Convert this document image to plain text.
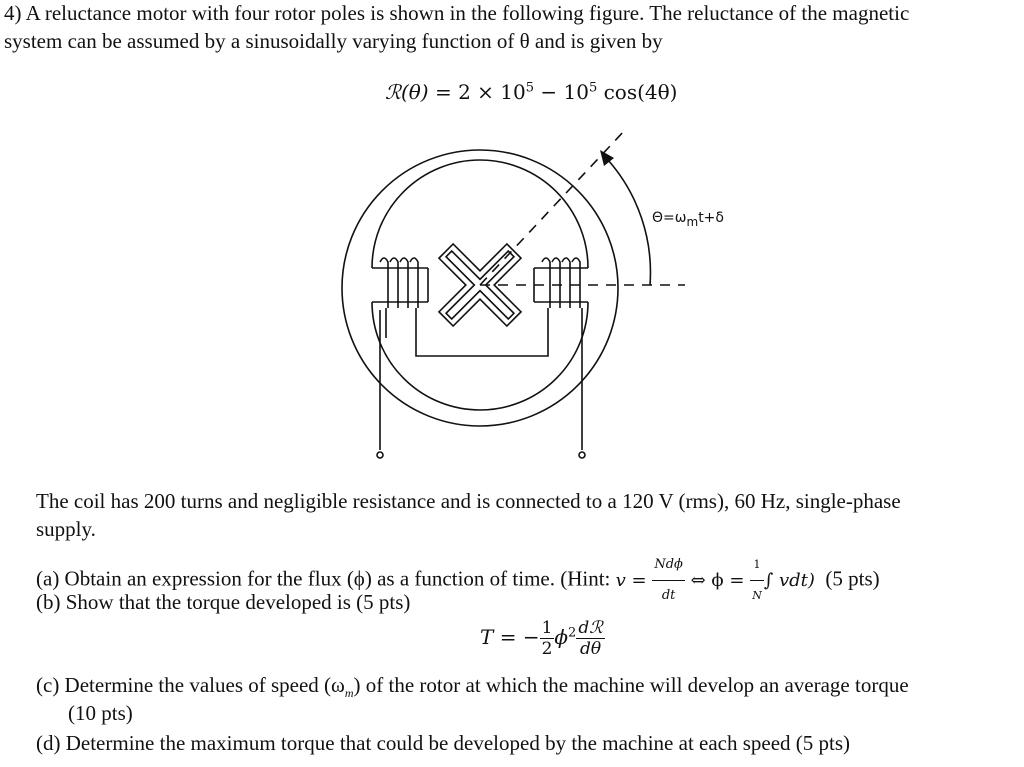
4) A reluctance motor with four rotor poles is shown in the following figure. The reluctance of the magnetic
system can be assumed by a sinusoidally varying function of θ and is given by
ℛ(θ) = $2 \times 10^5 - 10^5$ cos(4θ)
$\Theta=\omega_mt+\delta$
The coil has 200 turns and negligible resistance and is connected to a 120 V (rms), 60 Hz, single-phase
supply.
(a) Obtain an expression for the flux (ϕ) as a function of time. (Hint: $v = \frac{\text{Ndϕ}}{dt}$ ⇔ $\phi = \frac{1}{N}$ ∫ vdt) (5 pts)
(b) Show that the torque developed is (5 pts)
T = − $\frac{1}{2} \phi^2 \frac{\text{dℛ}}{d\theta}$
(c) Determine the values of speed $(\omega_m)$ of the rotor at which the machine will develop an average torque
(10 pts)
(d) Determine the maximum torque that could be developed by the machine at each speed (5 pts)
